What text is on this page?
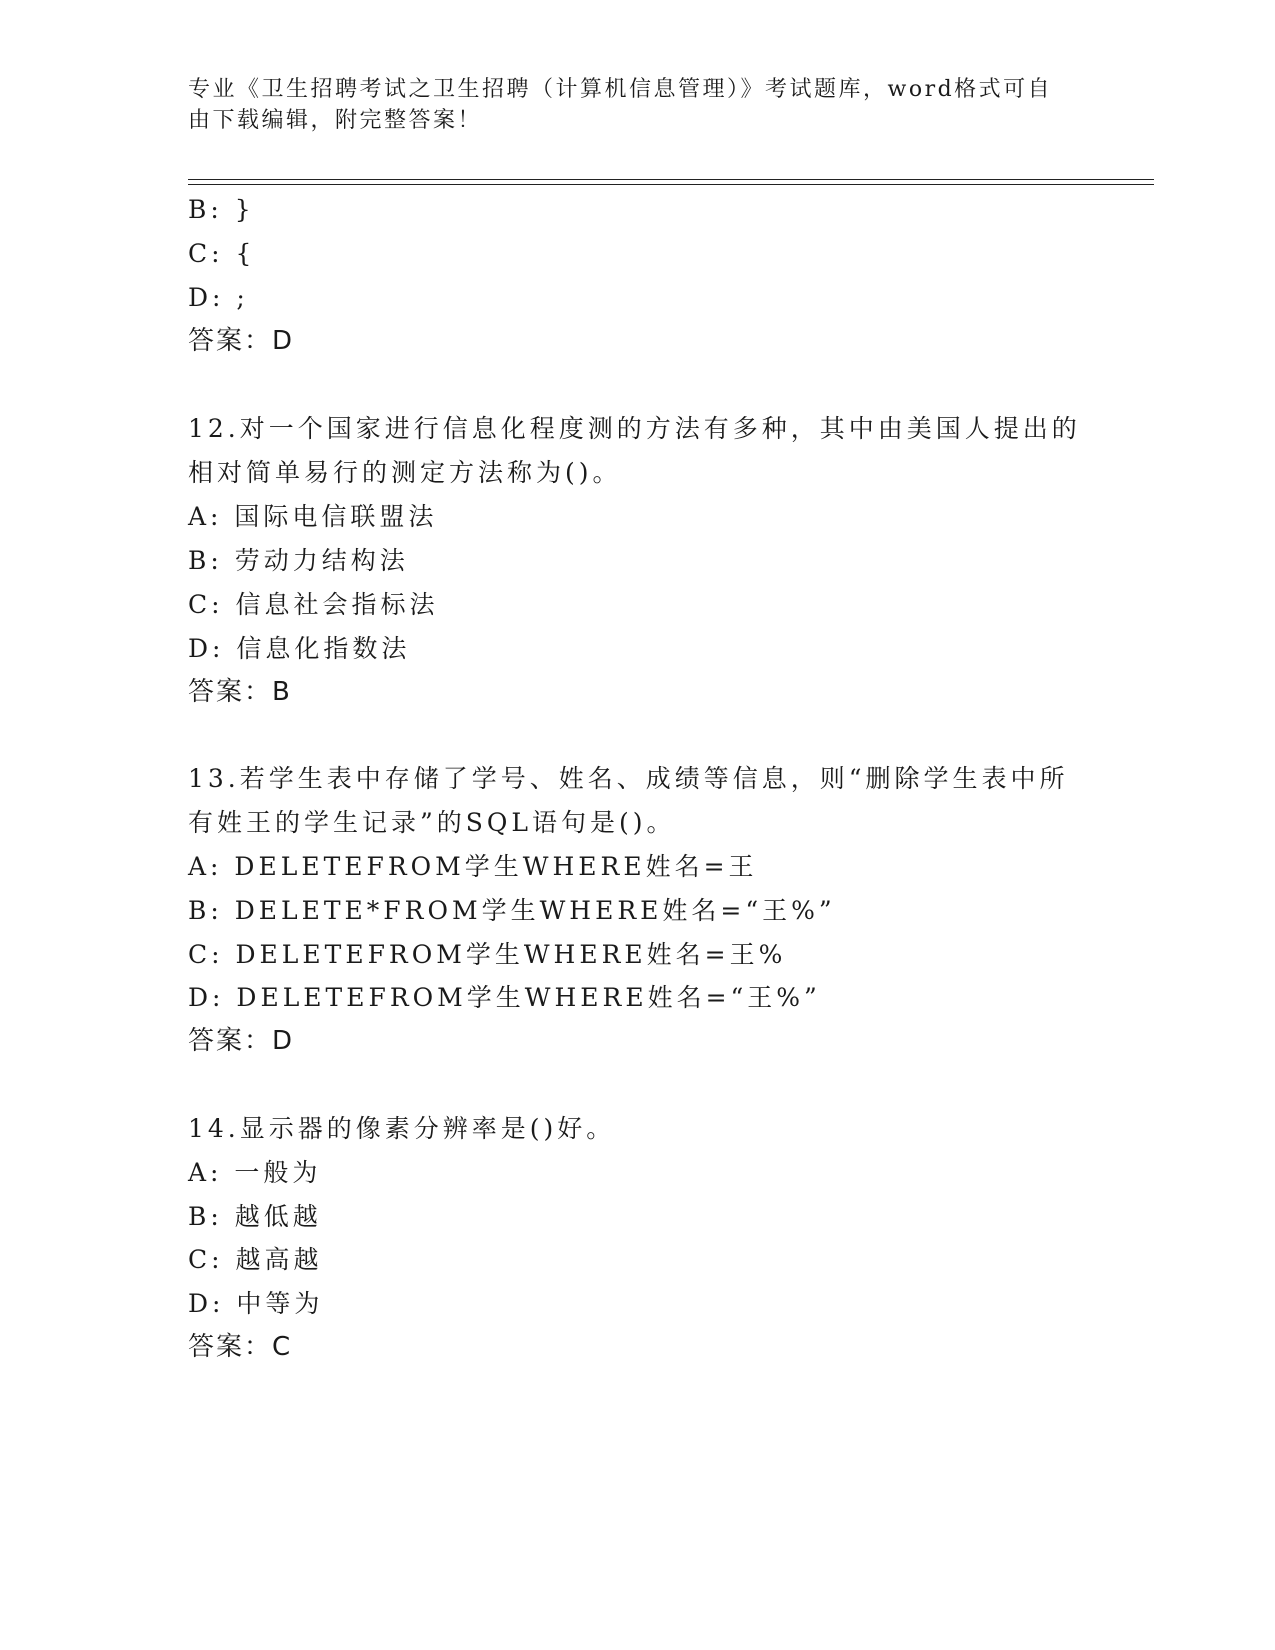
专业《卫生招聘考试之卫生招聘（计算机信息管理）》考试题库，word格式可自
由下载编辑，附完整答案！
B: }
C: {
D: ;
答案：D
12.对一个国家进行信息化程度测的方法有多种，其中由美国人提出的
相对简单易行的测定方法称为()。
A: 国际电信联盟法
B: 劳动力结构法
C: 信息社会指标法
D: 信息化指数法
答案：B
13.若学生表中存储了学号、姓名、成绩等信息，则“删除学生表中所
有姓王的学生记录”的SQL语句是()。
A: DELETEFROM学生WHERE姓名=王
B: DELETE*FROM学生WHERE姓名=“王%”
C: DELETEFROM学生WHERE姓名=王%
D: DELETEFROM学生WHERE姓名=“王%”
答案：D
14.显示器的像素分辨率是()好。
A: 一般为
B: 越低越
C: 越高越
D: 中等为
答案：C
